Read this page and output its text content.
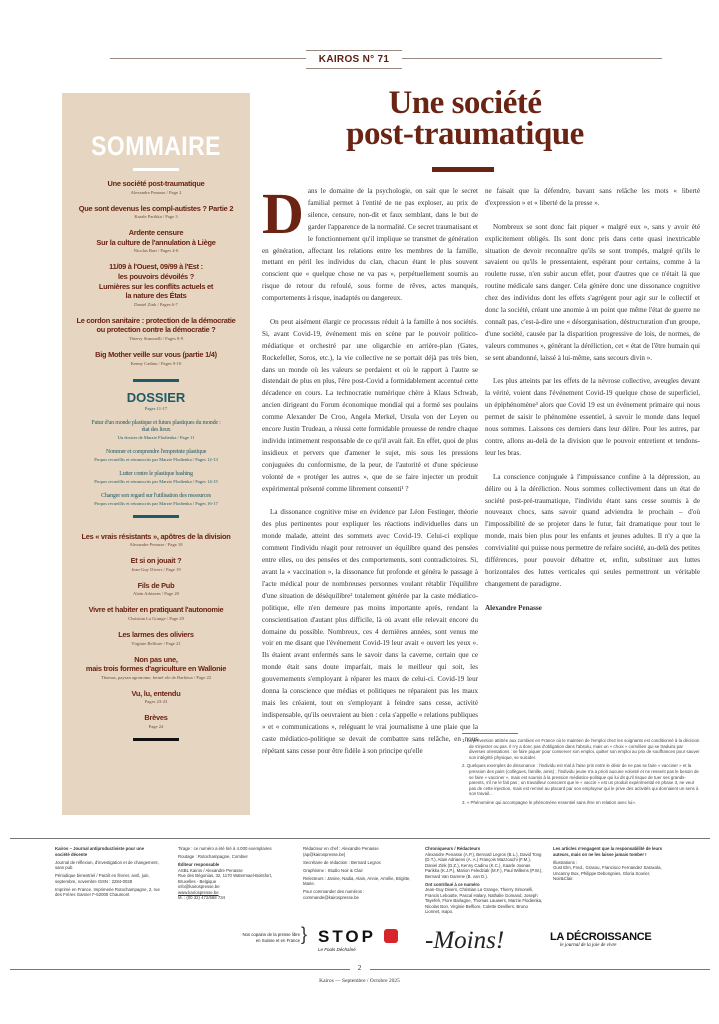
KAIROS N° 71
Une société
post-traumatique
SOMMAIRE
Une société post-traumatique
Alexandre Penasse / Page 2
Que sont devenus les compl-autistes ? Partie 2
Kaarle Parikka / Page 3
Ardente censure
Sur la culture de l'annulation à Liège
Nicolas Bart / Pages 4-6
11/09 à l'Ouest, 09/99 à l'Est :
les pouvoirs dévoilés ?
Lumières sur les conflits actuels et
la nature des États
Daniel Zink / Pages 6-7
Le cordon sanitaire : protection de la démocratie
ou protection contre la démocratie ?
Thierry Simonelli / Pages 8-9
Big Mother veille sur vous (partie 1/4)
Kenny Cadinu / Pages 9-10
DOSSIER
Pages 11-17
Futur d'un monde plastique et futurs plastiques du monde :
état des lieux
Un dossier de Marzie Flodienka / Page 11
Nommer et comprendre l'empreinte plastique
Propos recueillis et retranscrits par Marzie Flodienka / Pages 12-13
Lutter contre le plastique bashing
Propos recueillis et retranscrits par Marzie Flodienka / Pages 14-15
Changer son regard sur l'utilisation des ressources
Propos recueillis et retranscrits par Marzie Flodienka / Pages 16-17
Les « vrais résistants », apôtres de la division
Alexandre Penasse / Page 18
Et si on jouait ?
Jean-Guy Divers / Page 19
Fils de Pub
Alain Adriaens / Page 20
Vivre et habiter en pratiquant l'autonomie
Christian La Grange / Page 20
Les larmes des oliviers
Virginie Belfiore / Page 21
Non pas une,
mais trois formes d'agriculture en Wallonie
Thomas, paysan agronome, fermé·ole de Barlieux / Page 22
Vu, lu, entendu
Pages 23-23
Brèves
Page 24

Dans le domaine de la psychologie, on sait que le secret familial permet à l'entité de ne pas exploser, au prix de silence, censure, non-dit et faux semblant, dans le but de garder l'apparence de la normalité. Ce secret traumatisant et le fonctionnement qu'il implique se transmet de génération en génération, affectant les relations entre les membres de la famille, mettant en péril les individus du clan, chacun étant le plus souvent conscient que « quelque chose ne va pas », perpétuellement soumis au risque de retour du refoulé, sous forme de rêves, actes manqués, comportements à risque, inadaptés ou dangereux.

On peut aisément élargir ce processus réduit à la famille à nos sociétés. Si, avant Covid-19, événement mis en scène par le pouvoir politico-médiatique et orchestré par une oligarchie en arrière-plan (Gates, Rockefeller, Soros, etc.), la vie collective ne se portait déjà pas très bien, dans un monde où les valeurs se perdaient et où le rapport à l'autre se distendait de plus en plus, l'ère post-Covid a formidablement accentué cette décadence en cours. La technocratie numérique chère à Klaus Schwab, ancien dirigeant du Forum économique mondial qui a formé ses poulains comme Alexander De Croo, Angela Merkel, Ursula von der Leyen ou encore Justin Trudeau, a réussi cette formidable prouesse de rendre chaque individu intimement responsable de ce qu'il avait fait. En effet, quoi de plus insidieux et pervers que d'amener le sujet, mis sous les pressions conjuguées du conformisme, de la peur, de l'autorité et d'une spécieuse volonté de « protéger les autres », que de se faire injecter un produit expérimental présenté comme librement consenti¹ ?

La dissonance cognitive mise en évidence par Léon Festinger, théorie des plus pertinentes pour expliquer les réactions individuelles dans un monde malade, atteint des sommets avec Covid-19. Celui-ci explique comment l'individu réagit pour retrouver un équilibre quand des pensées entre elles, ou des pensées et des comportements, sont contradictoires. Si, avant la « vaccination », la dissonance fut profonde et généra le passage à l'acte médical pour de nombreuses personnes voulant rétablir l'équilibre d'une situation de déséquilibre² totalement générée par la caste médiatico-politique, elle n'en demeure pas moins importante après, rendant la conscientisation d'autant plus difficile, là où avant elle relevait encore du domaine du possible. Nombreux, ces 4 dernières années, sont venus me voir en me disant que l'événement Covid-19 leur avait « ouvert les yeux ». Ils étaient avant enfermés sans le savoir dans la caverne, certain que ce monde était sans doute imparfait, mais le meilleur qui soit, les gouvernements s'employant à réparer les maux de celui-ci. Covid-19 leur donna la conscience que médias et politiques ne réparaient pas les maux mais les créaient, tout en s'employant à feindre sans cesse, activité indispensable, qu'ils oeuvraient au bien : cela s'appelle « relations publiques » et « communications », reléguant le vrai journalisme à une plaie que la caste médiatico-politique se devait de combattre sans relâche, en nous répétant sans cesse pour être fidèle à son principe qu'elle

ne faisait que la défendre, bavant sans relâche les mots « liberté d'expression » et « liberté de la presse ».

Nombreux se sont donc fait piquer « malgré eux », sans y avoir été explicitement obligés. Ils sont donc pris dans cette quasi inextricable situation de devoir reconnaître qu'ils se sont trompés, malgré qu'ils le savaient ou qu'ils le pressentaient, espérant pour certains, comme à la roulette russe, n'en subir aucun effet, pour d'autres que ce n'était là que routine médicale sans danger. Cela génère donc une dissonance cognitive chez des individus dont les effets s'agrègent pour agir sur le collectif et donc la société, créant une anomie à un point que même l'état de guerre ne connaît pas, c'est-à-dire une « désorganisation, déstructuration d'un groupe, d'une société, causée par la disparition progressive de lois, de normes, de valeurs communes », générant la déréliction, cet « état de l'être humain qui se sent abandonné, laissé à lui-même, sans secours divin ».

Les plus atteints par les effets de la névrose collective, aveugles devant la vérité, voient dans l'événement Covid-19 quelque chose de superficiel, un épiphénomène³ alors que Covid 19 est un événement primaire qui nous permet de saisir le phénomène essentiel, à savoir le monde dans lequel nous sommes. Laissons ces derniers dans leur délire. Pour les autres, par contre, allons au-delà de la division que le pouvoir entretient et tendons-leur les bras.

La conscience conjuguée à l'impuissance confine à la dépression, au délire ou à la déréliction. Nous sommes collectivement dans un état de société post-pré-traumatique, l'individu étant sans cesse soumis à de nouveaux chocs, sans savoir quand adviendra le prochain – d'où l'impossibilité de se projeter dans le futur, fait dramatique pour tout le monde, mais bien plus pour les enfants et jeunes adultes. Il n'y a que la convivialité qui puisse nous permettre de refaire société, au-delà des petites différences, pour pouvoir débattre et, enfin, substituer aux luttes horizontales des luttes verticales qui seules permettront un véritable changement de paradigme.

Alexandre Penasse

1. La prévention attitrée aux zombies en France où le maintien de l'emploi chez les soignants est conditionné à la décision de s'injecter ou pas. Il n'y a donc pas d'obligation dans l'absolu, mais un « choix » cornélien qui se traduira par diverses orientations : se faire piquer pour conserver son emploi, quitter son emploi au prix de souffrances pour sauver son intégrité physique, se suicider.

2. Quelques exemples de dissonance : l'individu est mal à l'aise pris entre le désir de ne pas se faire « vacciner » et la pression des pairs (collègues, famille, amis) ; l'individu jeune n'a a priori aucune volonté et ne ressent pas le besoin de se faire « vacciner », mais est soumis à la pression médiatico-politique qui lui dit qu'il risque de tuer ses grands-parents, s'il ne le fait pas ; un travailleur conscient que le « vaccin » est un produit expérimental en phase 3, ne veut pas de cette injection, mais est remisé au placard par son employeur qui le prive des activités qui donnaient un sens à son travail...

3. « Phénomène qui accompagne le phénomène essentiel sans être en relation avec lui».

Kairos – Journal antiproductiviste pour une société décente

Journal de réflexion, d'investigation et de changement, sans pub

Périodique bimestriel / Paraît en février, avril, juin, septembre, novembre ISSN : 2284-0028

Imprimé en France. Imprimerie Rotochampagne, 2, rue des Frères Garnier F-52000 Chaumont

Tirage : ce numéro a été tiré à 4.000 exemplaires

Routage : Rotochampagne, Combier

Éditeur responsable
ASBL Kairos / Alexandre Penasse
Rue des Bégonias, 32, 1170 Watermael-Boitsfort, Bruxelles - Belgique
info@kairospresse.be
www.kairospresse.be
M. : (00 32) 472/568 734

Rédacteur en chef : Alexandre Penasse (ap@kairospresse.be)

Secrétaire de rédaction : Bernard Legros

Graphisme : Studio Noir & Clair

Relecteurs : Janine, Nadia, Alain, Annie, Amélie, Brigitte, Marie.

Pour commander des numéros : commande@kairospresse.be

Chroniqueurs / Rédacteurs

Alexandre Penasse (A.P.), Bernard Legros (B.L.), David Tong (D.T.), Alain Adriaens (A. A.) François Mazzouchi (F.M.), Daniel Zink (D.Z.), Kenny Cadinu (K.C.), Kaarle Joonas Parikka (K.J.P.), Marion Feledziak (M.F.), Paul Willems (P.W.), Bernard Van Damme (B. van D.).

Ont contribué à ce numéro

Jean-Guy Divers, Christian La Grange, Thierry Simonelli, Francis Leboutte, Pascal Halary, Nathalie Gomand, Joseph Tayefeh, Flore Barlagne, Thomas Lauwers, Marzie Flodienka, Nicolas Bon, Virginie Belfiore, Colette Devillers, Bruno Lionnet, Isapo.

Les articles n'engagent que la responsabilité de leurs auteurs, mais on ne les laisse jamais tomber !

Illustrations :

Gust Elm, Fred., Grasou, Francisco Fernandez Saraxola, Uncanny Box, Philippe Debongnies, Gloria Soorier, Noir&Clair.

Nos copains de la presse libre en Suisse et en France } STOP
Le Fouls Déchaîné	-Moins!	LA DÉCROISSANCE
le journal de la joie de vivre
2
Kairos — Septembre / Octobre 2025
